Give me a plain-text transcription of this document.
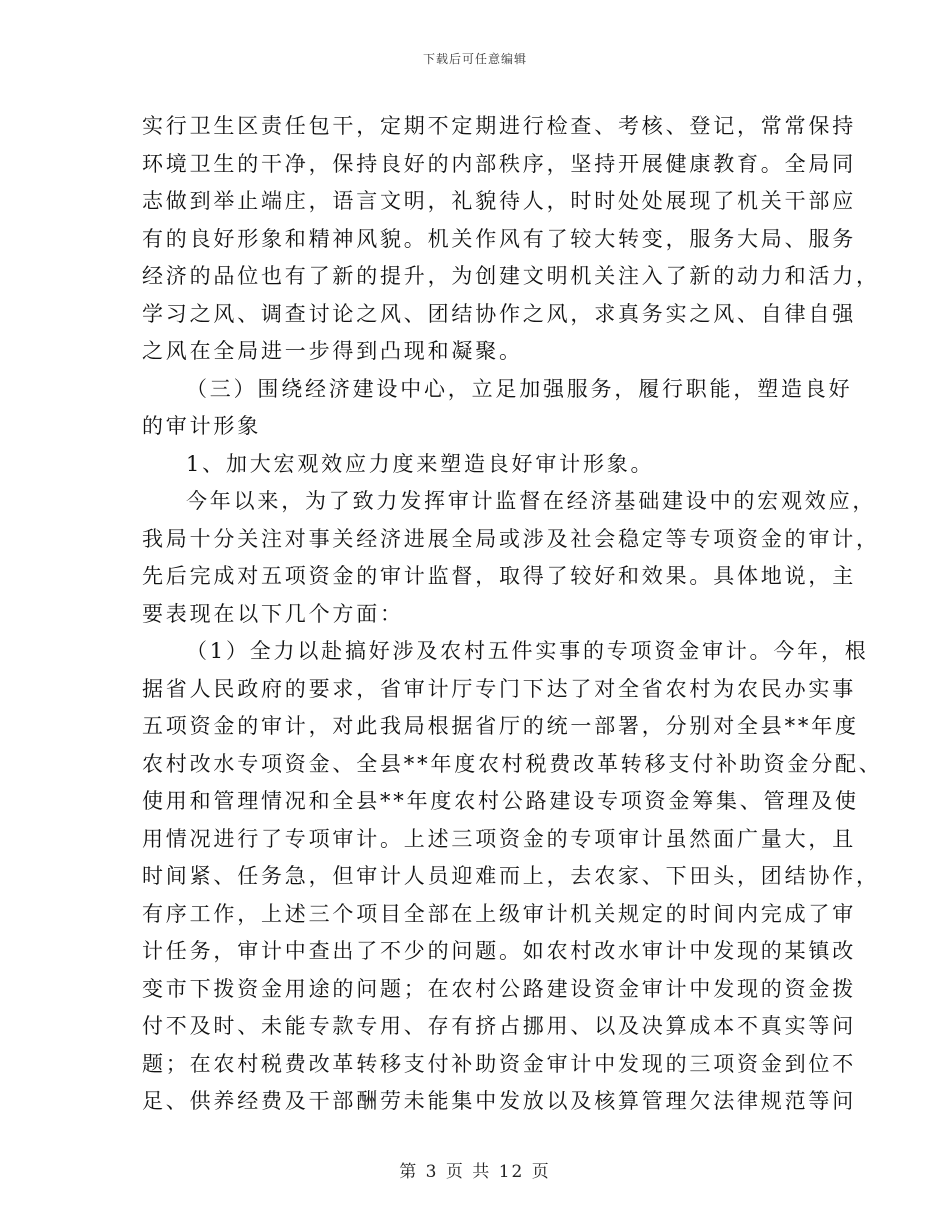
下载后可任意编辑
实行卫生区责任包干，定期不定期进行检查、考核、登记，常常保持
环境卫生的干净，保持良好的内部秩序，坚持开展健康教育。全局同
志做到举止端庄，语言文明，礼貌待人，时时处处展现了机关干部应
有的良好形象和精神风貌。机关作风有了较大转变，服务大局、服务
经济的品位也有了新的提升，为创建文明机关注入了新的动力和活力，
学习之风、调查讨论之风、团结协作之风，求真务实之风、自律自强
之风在全局进一步得到凸现和凝聚。
（三）围绕经济建设中心，立足加强服务，履行职能，塑造良好
的审计形象
1、加大宏观效应力度来塑造良好审计形象。
今年以来，为了致力发挥审计监督在经济基础建设中的宏观效应，
我局十分关注对事关经济进展全局或涉及社会稳定等专项资金的审计，
先后完成对五项资金的审计监督，取得了较好和效果。具体地说，主
要表现在以下几个方面：
（1）全力以赴搞好涉及农村五件实事的专项资金审计。今年，根
据省人民政府的要求，省审计厅专门下达了对全省农村为农民办实事
五项资金的审计，对此我局根据省厅的统一部署，分别对全县**年度
农村改水专项资金、全县**年度农村税费改革转移支付补助资金分配、
使用和管理情况和全县**年度农村公路建设专项资金筹集、管理及使
用情况进行了专项审计。上述三项资金的专项审计虽然面广量大，且
时间紧、任务急，但审计人员迎难而上，去农家、下田头，团结协作，
有序工作，上述三个项目全部在上级审计机关规定的时间内完成了审
计任务，审计中查出了不少的问题。如农村改水审计中发现的某镇改
变市下拨资金用途的问题；在农村公路建设资金审计中发现的资金拨
付不及时、未能专款专用、存有挤占挪用、以及决算成本不真实等问
题；在农村税费改革转移支付补助资金审计中发现的三项资金到位不
足、供养经费及干部酬劳未能集中发放以及核算管理欠法律规范等问
第 3 页 共 12 页
